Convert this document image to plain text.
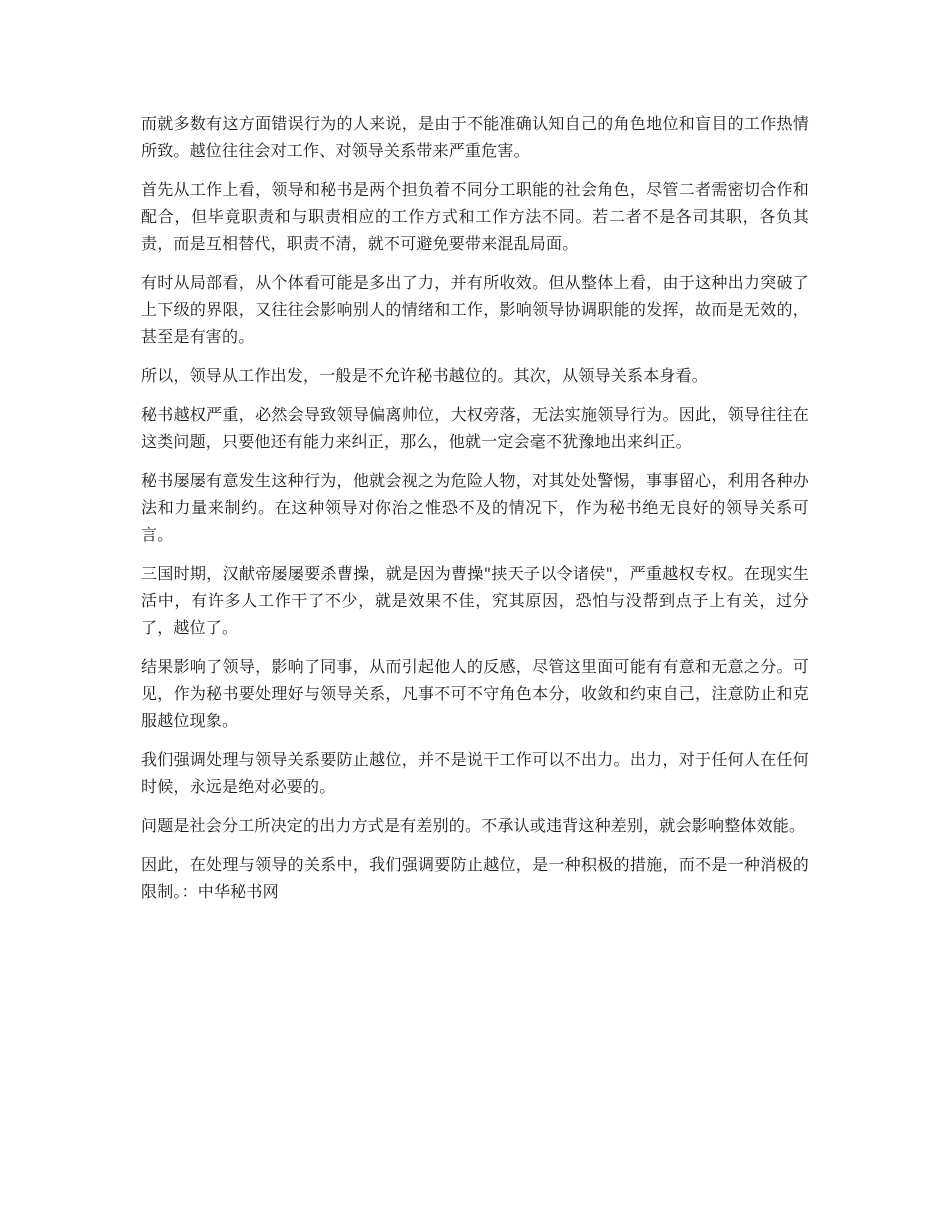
而就多数有这方面错误行为的人来说，是由于不能准确认知自己的角色地位和盲目的工作热情所致。越位往往会对工作、对领导关系带来严重危害。

首先从工作上看，领导和秘书是两个担负着不同分工职能的社会角色，尽管二者需密切合作和配合，但毕竟职责和与职责相应的工作方式和工作方法不同。若二者不是各司其职，各负其责，而是互相替代，职责不清，就不可避免要带来混乱局面。

有时从局部看，从个体看可能是多出了力，并有所收效。但从整体上看，由于这种出力突破了上下级的界限，又往往会影响别人的情绪和工作，影响领导协调职能的发挥，故而是无效的，甚至是有害的。

所以，领导从工作出发，一般是不允许秘书越位的。其次，从领导关系本身看。

秘书越权严重，必然会导致领导偏离帅位，大权旁落，无法实施领导行为。因此，领导往往在这类问题，只要他还有能力来纠正，那么，他就一定会毫不犹豫地出来纠正。

秘书屡屡有意发生这种行为，他就会视之为危险人物，对其处处警惕，事事留心，利用各种办法和力量来制约。在这种领导对你治之惟恐不及的情况下，作为秘书绝无良好的领导关系可言。

三国时期，汉献帝屡屡要杀曹操，就是因为曹操"挟天子以令诸侯"，严重越权专权。在现实生活中，有许多人工作干了不少，就是效果不佳，究其原因，恐怕与没帮到点子上有关，过分了，越位了。

结果影响了领导，影响了同事，从而引起他人的反感，尽管这里面可能有有意和无意之分。可见，作为秘书要处理好与领导关系，凡事不可不守角色本分，收敛和约束自己，注意防止和克服越位现象。

我们强调处理与领导关系要防止越位，并不是说干工作可以不出力。出力，对于任何人在任何时候，永远是绝对必要的。

问题是社会分工所决定的出力方式是有差别的。不承认或违背这种差别，就会影响整体效能。

因此，在处理与领导的关系中，我们强调要防止越位，是一种积极的措施，而不是一种消极的限制。：中华秘书网
